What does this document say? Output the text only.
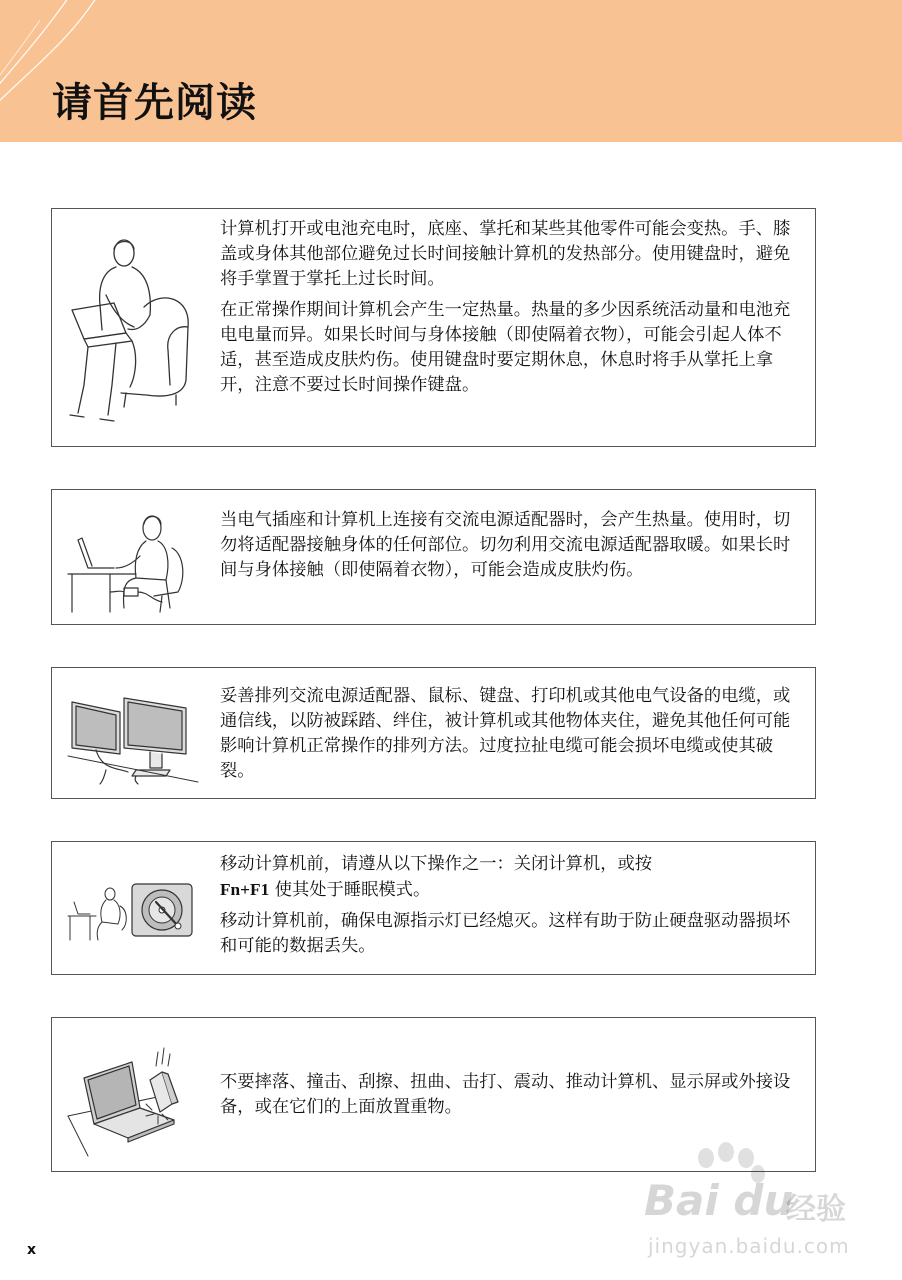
请首先阅读

计算机打开或电池充电时，底座、掌托和某些其他零件可能会变热。手、膝盖或身体其他部位避免过长时间接触计算机的发热部分。使用键盘时，避免将手掌置于掌托上过长时间。

在正常操作期间计算机会产生一定热量。热量的多少因系统活动量和电池充电电量而异。如果长时间与身体接触（即使隔着衣物），可能会引起人体不适，甚至造成皮肤灼伤。使用键盘时要定期休息，休息时将手从掌托上拿开，注意不要过长时间操作键盘。

当电气插座和计算机上连接有交流电源适配器时，会产生热量。使用时，切勿将适配器接触身体的任何部位。切勿利用交流电源适配器取暖。如果长时间与身体接触（即使隔着衣物），可能会造成皮肤灼伤。

妥善排列交流电源适配器、鼠标、键盘、打印机或其他电气设备的电缆，或通信线，以防被踩踏、绊住，被计算机或其他物体夹住，避免其他任何可能影响计算机正常操作的排列方法。过度拉扯电缆可能会损坏电缆或使其破裂。

移动计算机前，请遵从以下操作之一：关闭计算机，或按
Fn+F1 使其处于睡眠模式。

移动计算机前，确保电源指示灯已经熄灭。这样有助于防止硬盘驱动器损坏和可能的数据丢失。

不要摔落、撞击、刮擦、扭曲、击打、震动、推动计算机、显示屏或外接设备，或在它们的上面放置重物。

x
Bai du
经验
jingyan.baidu.com
